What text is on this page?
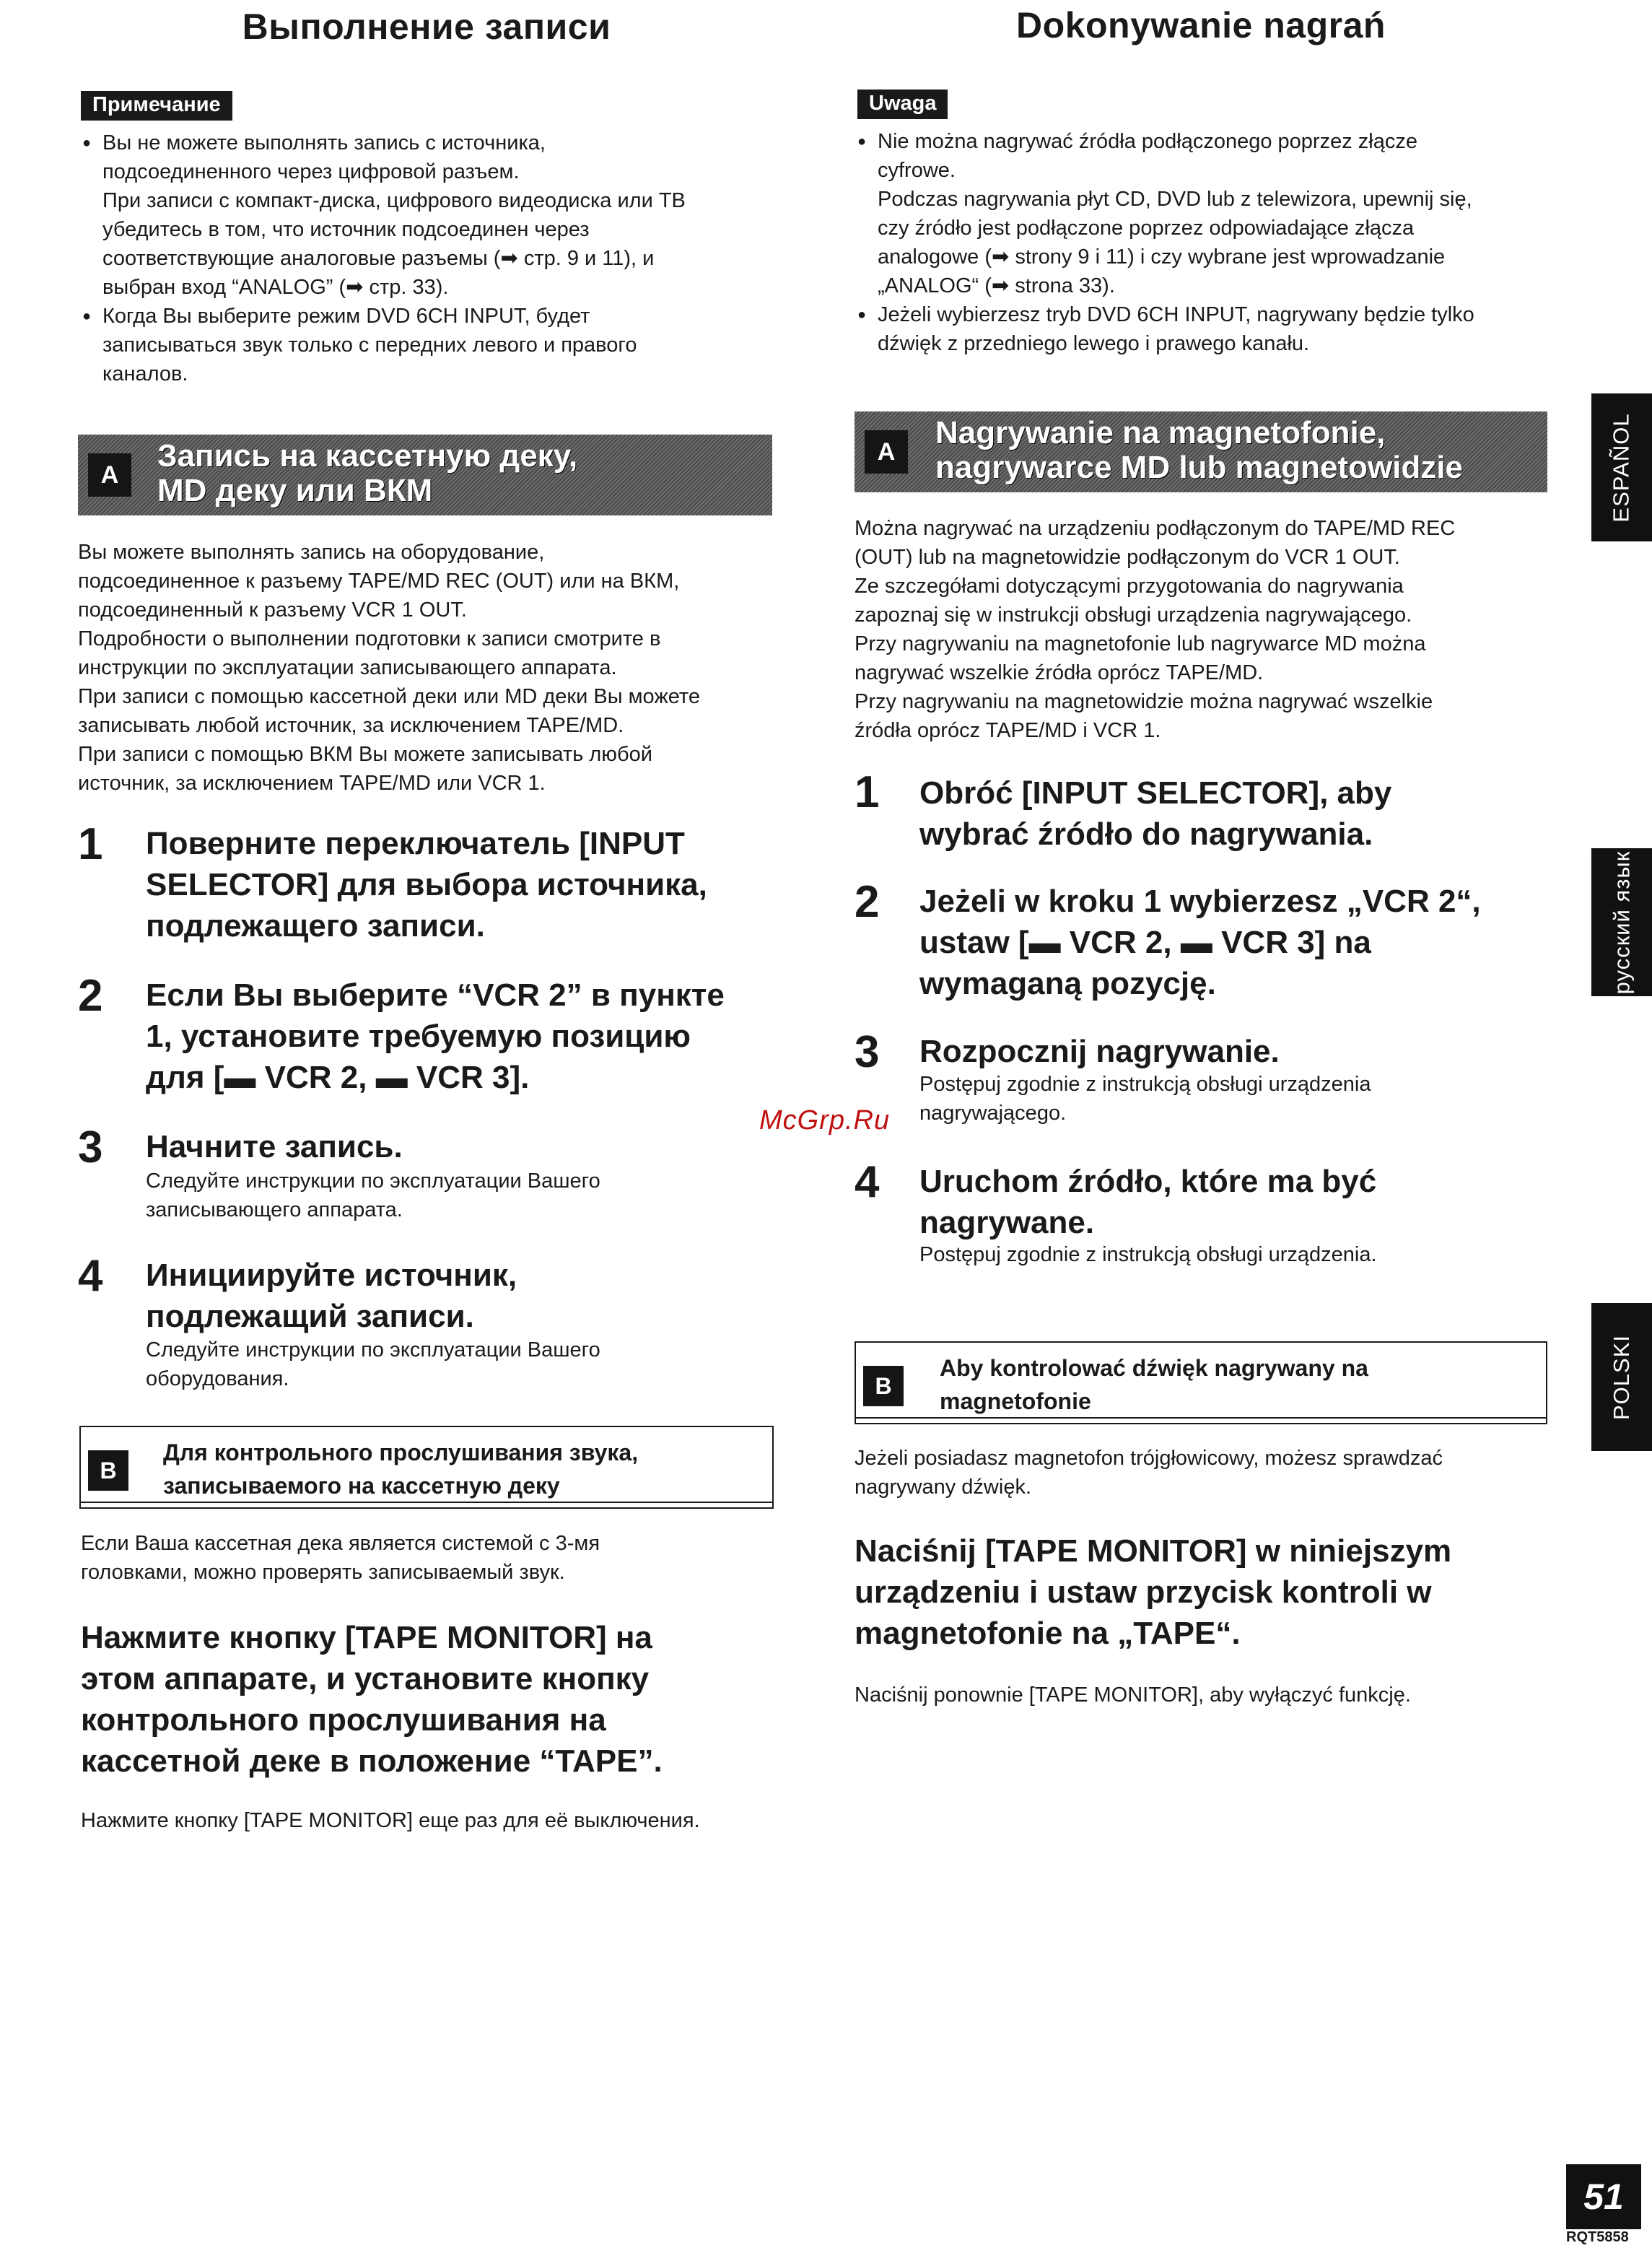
Выполнение записи
Примечание
● Вы не можете выполнять запись с источника,
подсоединенного через цифровой разъем.
При записи с компакт-диска, цифрового видеодиска или ТВ
убедитесь в том, что источник подсоединен через
соответствующие аналоговые разъемы (➡ стр. 9 и 11), и
выбран вход “ANALOG” (➡ стр. 33).
● Когда Вы выберите режим DVD 6CH INPUT, будет
записываться звук только с передних левого и правого
каналов.
A
Запись на кассетную деку,
MD деку или ВКМ

Вы можете выполнять запись на оборудование,

подсоединенное к разъему TAPE/MD REC (OUT) или на ВКМ,

подсоединенный к разъему VCR 1 OUT.

Подробности о выполнении подготовки к записи смотрите в

инструкции по эксплуатации записывающего аппарата.

При записи с помощью кассетной деки или MD деки Вы можете

записывать любой источник, за исключением TAPE/MD.

При записи с помощью ВКМ Вы можете записывать любой

источник, за исключением TAPE/MD или VCR 1.

1 Поверните переключатель [INPUT
SELECTOR] для выбора источника,
подлежащего записи.
2 Если Вы выберите “VCR 2” в пункте
1, установите требуемую позицию
для [▬ VCR 2, ▬ VCR 3].
3 Начните запись.
Следуйте инструкции по эксплуатации Вашего
записывающего аппарата.
4 Инициируйте источник,
подлежащий записи.
Следуйте инструкции по эксплуатации Вашего
оборудования.
B
Для контрольного прослушивания звука,
записываемого на кассетную деку

Если Ваша кассетная дека является системой с 3-мя

головками, можно проверять записываемый звук.

Нажмите кнопку [TAPE MONITOR] на
этом аппарате, и установите кнопку
контрольного прослушивания на
кассетной деке в положение “TAPE”.
Нажмите кнопку [TAPE MONITOR] еще раз для её выключения.
Dokonywanie nagrań
Uwaga
● Nie można nagrywać źródła podłączonego poprzez złącze
cyfrowe.
Podczas nagrywania płyt CD, DVD lub z telewizora, upewnij się,
czy źródło jest podłączone poprzez odpowiadające złącza
analogowe (➡ strony 9 i 11) i czy wybrane jest wprowadzanie
„ANALOG“ (➡ strona 33).
● Jeżeli wybierzesz tryb DVD 6CH INPUT, nagrywany będzie tylko
dźwięk z przedniego lewego i prawego kanału.
A
Nagrywanie na magnetofonie,
nagrywarce MD lub magnetowidzie

Można nagrywać na urządzeniu podłączonym do TAPE/MD REC

(OUT) lub na magnetowidzie podłączonym do VCR 1 OUT.

Ze szczegółami dotyczącymi przygotowania do nagrywania

zapoznaj się w instrukcji obsługi urządzenia nagrywającego.

Przy nagrywaniu na magnetofonie lub nagrywarce MD można

nagrywać wszelkie źródła oprócz TAPE/MD.

Przy nagrywaniu na magnetowidzie można nagrywać wszelkie

źródła oprócz TAPE/MD i VCR 1.

1 Obróć [INPUT SELECTOR], aby
wybrać źródło do nagrywania.
2 Jeżeli w kroku 1 wybierzesz „VCR 2“,
ustaw [▬ VCR 2, ▬ VCR 3] na
wymaganą pozycję.
3 Rozpocznij nagrywanie.
Postępuj zgodnie z instrukcją obsługi urządzenia
nagrywającego.
4 Uruchom źródło, które ma być
nagrywane.
Postępuj zgodnie z instrukcją obsługi urządzenia.
B
Aby kontrolować dźwięk nagrywany na
magnetofonie

Jeżeli posiadasz magnetofon trójgłowicowy, możesz sprawdzać

nagrywany dźwięk.

Naciśnij [TAPE MONITOR] w niniejszym
urządzeniu i ustaw przycisk kontroli w
magnetofonie na „TAPE“.
Naciśnij ponownie [TAPE MONITOR], aby wyłączyć funkcję.
ESPAÑOL
русский язык
POLSKI
McGrp.Ru
51
RQT5858
